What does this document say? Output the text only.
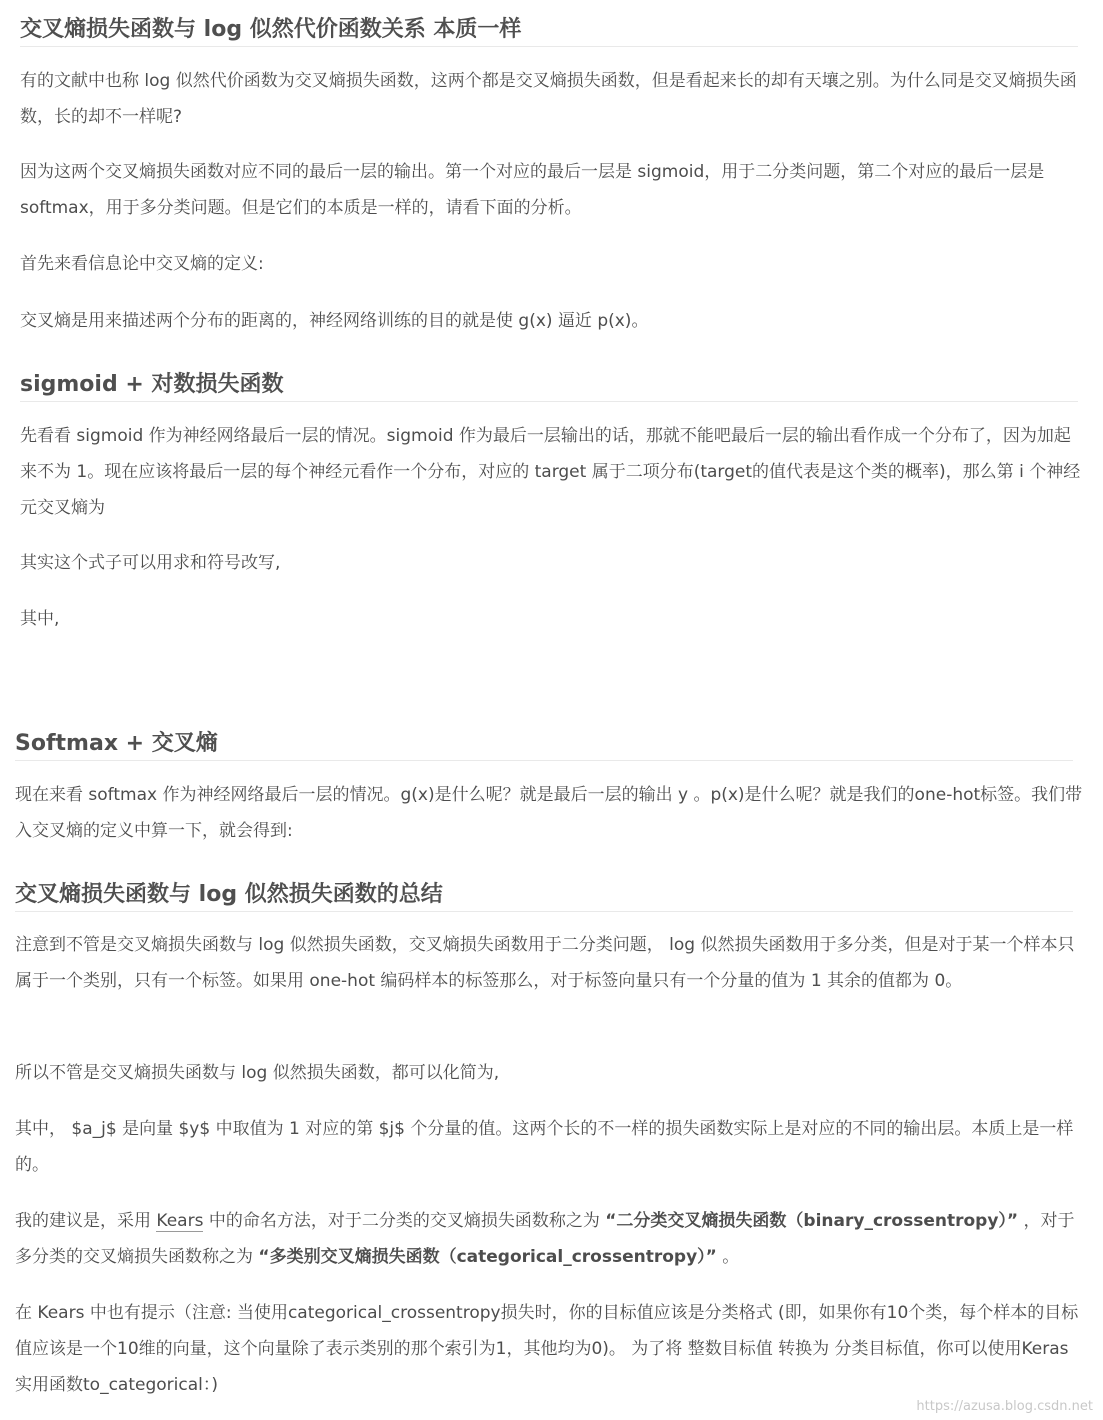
交叉熵损失函数与 log 似然代价函数关系 本质一样

有的文献中也称 log 似然代价函数为交叉熵损失函数，这两个都是交叉熵损失函数，但是看起来长的却有天壤之别。为什么同是交叉熵损失函数，长的却不一样呢?

因为这两个交叉熵损失函数对应不同的最后一层的输出。第一个对应的最后一层是 sigmoid，用于二分类问题，第二个对应的最后一层是 softmax，用于多分类问题。但是它们的本质是一样的，请看下面的分析。

首先来看信息论中交叉熵的定义:

交叉熵是用来描述两个分布的距离的，神经网络训练的目的就是使 g(x) 逼近 p(x)。

sigmoid + 对数损失函数

先看看 sigmoid 作为神经网络最后一层的情况。sigmoid 作为最后一层输出的话，那就不能吧最后一层的输出看作成一个分布了，因为加起来不为 1。现在应该将最后一层的每个神经元看作一个分布，对应的 target 属于二项分布(target的值代表是这个类的概率)，那么第 i 个神经元交叉熵为

其实这个式子可以用求和符号改写,

其中,

Softmax + 交叉熵

现在来看 softmax 作为神经网络最后一层的情况。g(x)是什么呢？就是最后一层的输出 y 。p(x)是什么呢？就是我们的one-hot标签。我们带入交叉熵的定义中算一下，就会得到:

交叉熵损失函数与 log 似然损失函数的总结

注意到不管是交叉熵损失函数与 log 似然损失函数，交叉熵损失函数用于二分类问题， log 似然损失函数用于多分类，但是对于某一个样本只属于一个类别，只有一个标签。如果用 one-hot 编码样本的标签那么，对于标签向量只有一个分量的值为 1 其余的值都为 0。

所以不管是交叉熵损失函数与 log 似然损失函数，都可以化简为,

其中， $a_j$ 是向量 $y$ 中取值为 1 对应的第 $j$ 个分量的值。这两个长的不一样的损失函数实际上是对应的不同的输出层。本质上是一样的。

我的建议是，采用 Kears 中的命名方法，对于二分类的交叉熵损失函数称之为 “二分类交叉熵损失函数（binary_crossentropy）” ，对于多分类的交叉熵损失函数称之为 “多类别交叉熵损失函数（categorical_crossentropy）” 。

在 Kears 中也有提示（注意: 当使用categorical_crossentropy损失时，你的目标值应该是分类格式 (即，如果你有10个类，每个样本的目标值应该是一个10维的向量，这个向量除了表示类别的那个索引为1，其他均为0)。 为了将 整数目标值 转换为 分类目标值，你可以使用Keras实用函数to_categorical：)

https://azusa.blog.csdn.net
